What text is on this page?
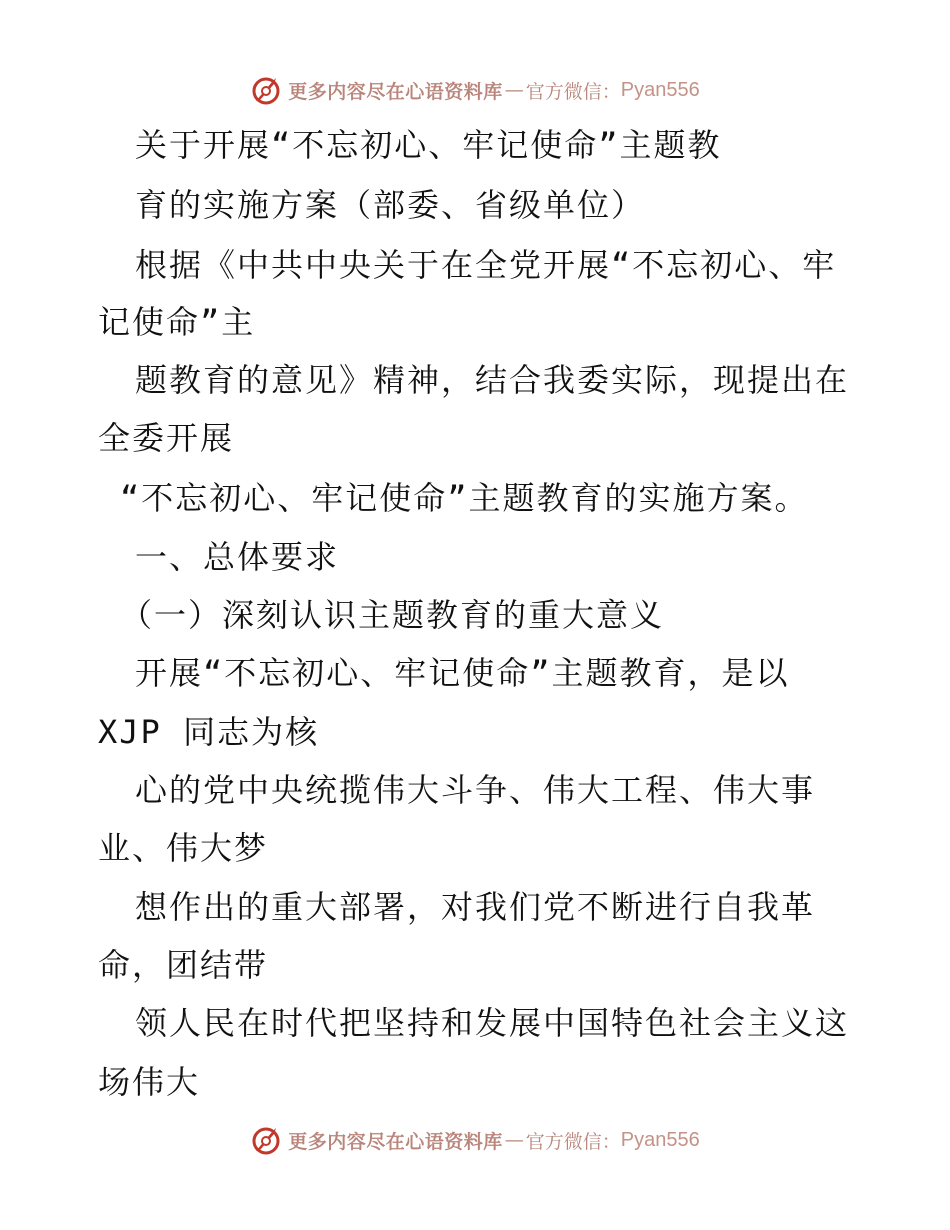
更多内容尽在心语资料库 — 官方微信： Pyan556
关于开展“不忘初心、牢记使命”主题教
育的实施方案（部委、省级单位）
根据《中共中央关于在全党开展“不忘初心、牢
记使命”主
题教育的意见》精神，结合我委实际，现提出在
全委开展
“不忘初心、牢记使命”主题教育的实施方案。
一、总体要求
（一）深刻认识主题教育的重大意义
开展“不忘初心、牢记使命”主题教育，是以
XJP 同志为核
心的党中央统揽伟大斗争、伟大工程、伟大事
业、伟大梦
想作出的重大部署，对我们党不断进行自我革
命，团结带
领人民在时代把坚持和发展中国特色社会主义这
场伟大
更多内容尽在心语资料库 — 官方微信： Pyan556
